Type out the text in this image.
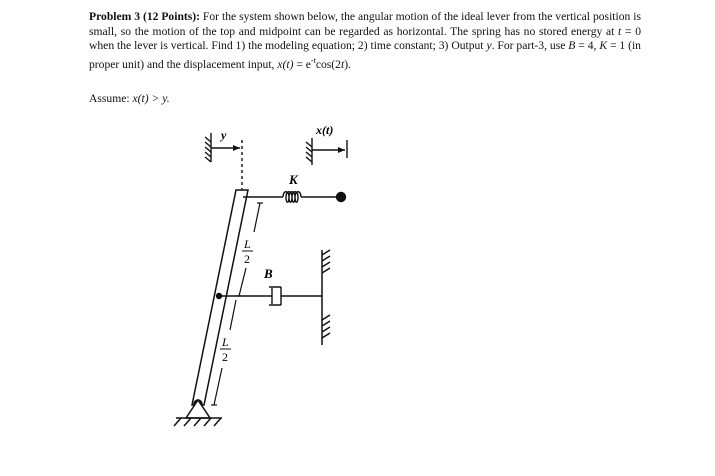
Problem 3 (12 Points): For the system shown below, the angular motion of the ideal lever from the vertical position is small, so the motion of the top and midpoint can be regarded as horizontal. The spring has no stored energy at t = 0 when the lever is vertical. Find 1) the modeling equation; 2) time constant; 3) Output y. For part-3, use B = 4, K = 1 (in proper unit) and the displacement input, $x(t) = e^{-t}\cos(2t)$.
Assume: x(t) > y.
y	x(t)
K
B
L
2
L
2
